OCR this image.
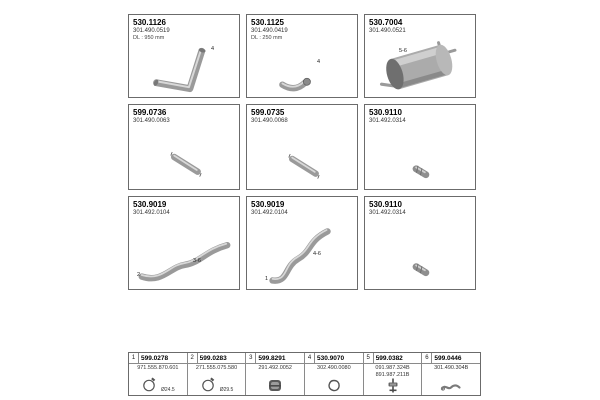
530.1126
301.490.0519
DL : 950 mm
4
530.1125
301.490.0419
DL : 250 mm
4
530.7004
301.490.0521
5-6
599.0736
301.490.0063
599.0735
301.490.0068
530.9110
301.492.0314
530.9019
301.492.0104
2
3-6
530.9019
301.492.0104
1
4-6
530.9110
301.492.0314
1 599.0278
971.555.870.601
Ø24.5
2 599.0283
271.555.075.580
Ø29.5
3 599.8291
291.492.0052
4 530.9070
302.490.0080
5 599.0382
091.987.324B
891.987.211B
6 599.0446
301.490.304B
